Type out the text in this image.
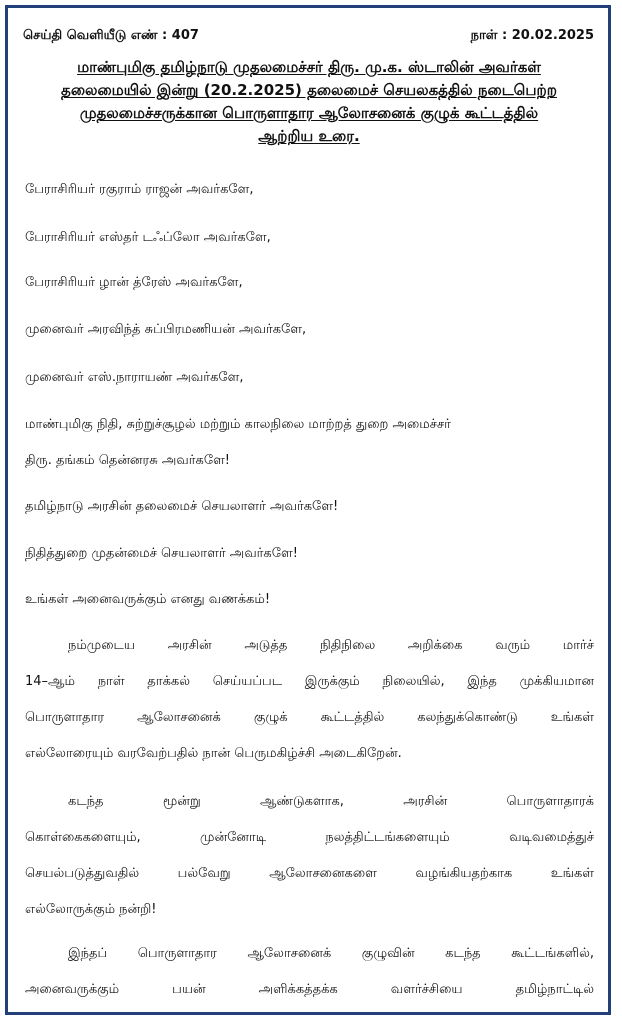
செய்தி வெளியீடு எண் : 407	நாள் : 20.02.2025
மாண்புமிகு தமிழ்நாடு முதலமைச்சர் திரு. மு.க. ஸ்டாலின் அவர்கள்
தலைமையில் இன்று (20.2.2025) தலைமைச் செயலகத்தில் நடைபெற்ற
முதலமைச்சருக்கான பொருளாதார ஆலோசனைக் குழுக் கூட்டத்தில்
ஆற்றிய உரை.
பேராசிரியர் ரகுராம் ராஜன் அவர்களே,
பேராசிரியர் எஸ்தர் டஃப்லோ அவர்களே,
பேராசிரியர் ழான் த்ரேஸ் அவர்களே,
முனைவர் அரவிந்த் சுப்பிரமணியன் அவர்களே,
முனைவர் எஸ்.நாராயண் அவர்களே,
மாண்புமிகு நிதி, சுற்றுச்சூழல் மற்றும் காலநிலை மாற்றத் துறை அமைச்சர்
திரு. தங்கம் தென்னரசு அவர்களே!
தமிழ்நாடு அரசின் தலைமைச் செயலாளர் அவர்களே!
நிதித்துறை முதன்மைச் செயலாளர் அவர்களே!
உங்கள் அனைவருக்கும் எனது வணக்கம்!
நம்முடைய அரசின் அடுத்த நிதிநிலை அறிக்கை வரும் மார்ச்
14–ஆம் நாள் தாக்கல் செய்யப்பட இருக்கும் நிலையில், இந்த முக்கியமான
பொருளாதார ஆலோசனைக் குழுக் கூட்டத்தில் கலந்துக்கொண்டு உங்கள்
எல்லோரையும் வரவேற்பதில் நான் பெருமகிழ்ச்சி அடைகிறேன்.
கடந்த மூன்று ஆண்டுகளாக, அரசின் பொருளாதாரக்
கொள்கைகளையும், முன்னோடி நலத்திட்டங்களையும் வடிவமைத்துச்
செயல்படுத்துவதில் பல்வேறு ஆலோசனைகளை வழங்கியதற்காக உங்கள்
எல்லோருக்கும் நன்றி!
இந்தப் பொருளாதார ஆலோசனைக் குழுவின் கடந்த கூட்டங்களில்,
அனைவருக்கும் பயன் அளிக்கத்தக்க வளர்ச்சியை தமிழ்நாட்டில்
